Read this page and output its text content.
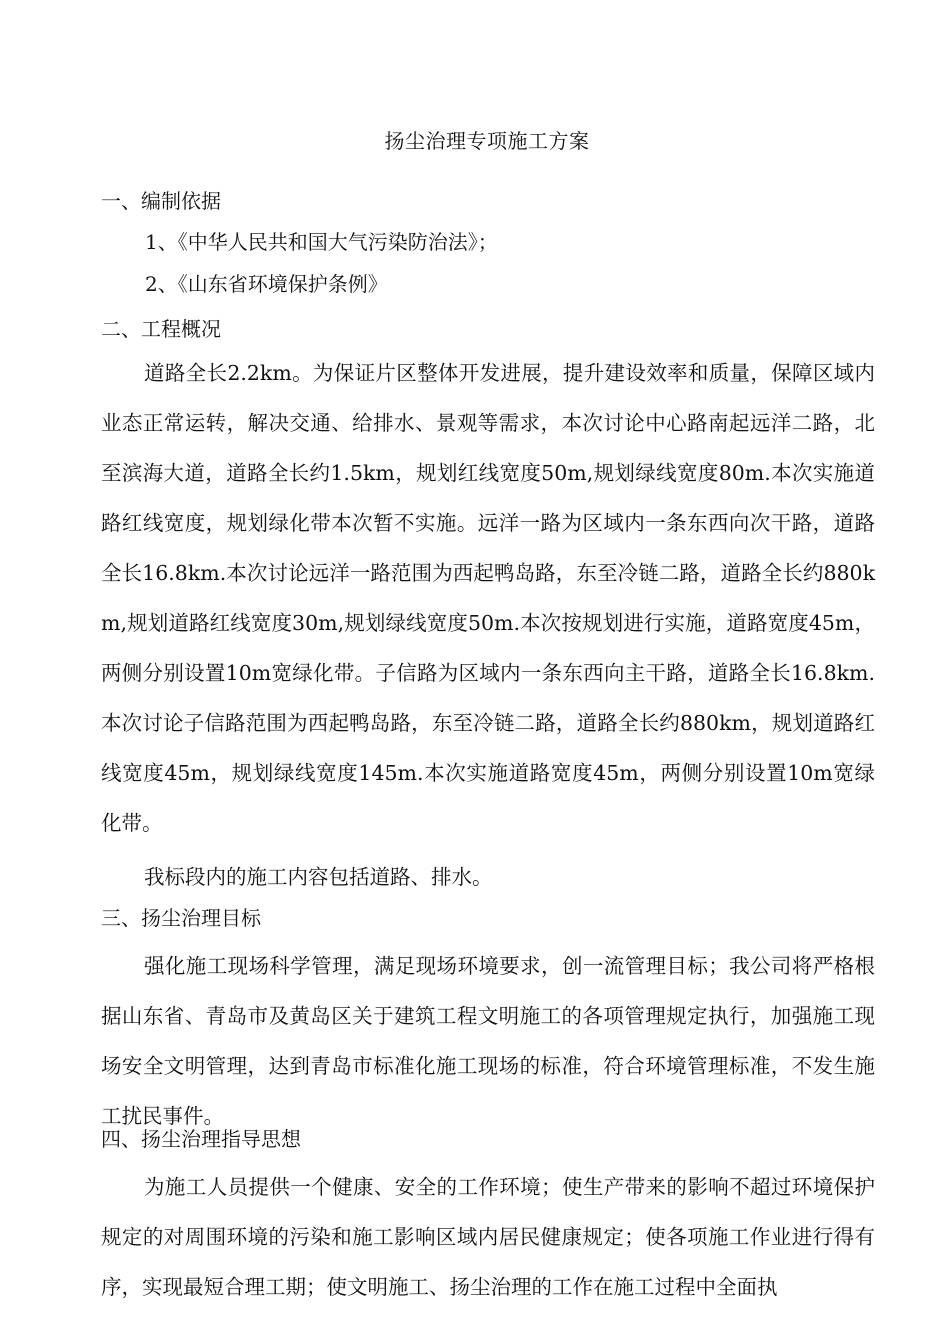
扬尘治理专项施工方案
一、编制依据
1、《中华人民共和国大气污染防治法》；
2、《山东省环境保护条例》
二、工程概况
道路全长2.2km。为保证片区整体开发进展，提升建设效率和质量，保障区域内业态正常运转，解决交通、给排水、景观等需求，本次讨论中心路南起远洋二路，北至滨海大道，道路全长约1.5km，规划红线宽度50m,规划绿线宽度80m.本次实施道路红线宽度，规划绿化带本次暂不实施。远洋一路为区域内一条东西向次干路，道路全长16.8km.本次讨论远洋一路范围为西起鸭岛路，东至冷链二路，道路全长约880km,规划道路红线宽度30m,规划绿线宽度50m.本次按规划进行实施，道路宽度45m，两侧分别设置10m宽绿化带。子信路为区域内一条东西向主干路，道路全长16.8km.本次讨论子信路范围为西起鸭岛路，东至冷链二路，道路全长约880km，规划道路红线宽度45m，规划绿线宽度145m.本次实施道路宽度45m，两侧分别设置10m宽绿化带。
我标段内的施工内容包括道路、排水。
三、扬尘治理目标
强化施工现场科学管理，满足现场环境要求，创一流管理目标；我公司将严格根据山东省、青岛市及黄岛区关于建筑工程文明施工的各项管理规定执行，加强施工现场安全文明管理，达到青岛市标准化施工现场的标准，符合环境管理标准，不发生施工扰民事件。
四、扬尘治理指导思想
为施工人员提供一个健康、安全的工作环境；使生产带来的影响不超过环境保护规定的对周围环境的污染和施工影响区域内居民健康规定；使各项施工作业进行得有序，实现最短合理工期；使文明施工、扬尘治理的工作在施工过程中全面执
